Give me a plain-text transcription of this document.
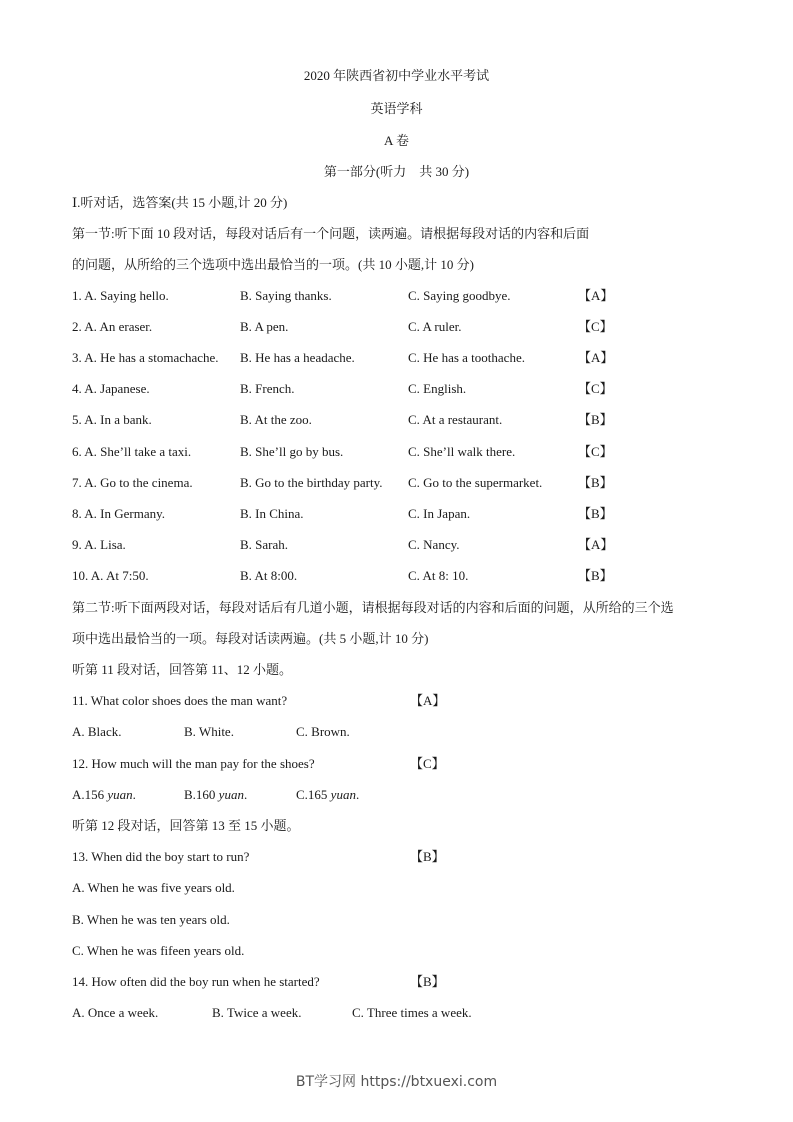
2020 年陕西省初中学业水平考试
英语学科
A 卷
第一部分(听力　共 30 分)
Ⅰ.听对话，选答案(共 15 小题,计 20 分)
第一节:听下面 10 段对话，每段对话后有一个问题，读两遍。请根据每段对话的内容和后面
的问题，从所给的三个选项中选出最恰当的一项。(共 10 小题,计 10 分)
1. A. Saying hello.	B. Saying thanks.	C. Saying goodbye.	【A】
2. A. An eraser.	B. A pen.	C. A ruler.	【C】
3. A. He has a stomachache. B. He has a headache.	C. He has a toothache.	【A】
4. A. Japanese.	B. French.	C. English.	【C】
5. A. In a bank.	B. At the zoo.	C. At a restaurant.	【B】
6. A. She’ll take a taxi.	B. She’ll go by bus.	C. She’ll walk there.	【C】
7. A. Go to the cinema.	B. Go to the birthday party. C. Go to the supermarket.	【B】
8. A. In Germany.	B. In China.	C. In Japan.	【B】
9. A. Lisa.	B. Sarah.	C. Nancy.	【A】
10. A. At 7:50.	B. At 8:00.	C. At 8: 10.	【B】
第二节:听下面两段对话，每段对话后有几道小题，请根据每段对话的内容和后面的问题，从所给的三个选
项中选出最恰当的一项。每段对话读两遍。(共 5 小题,计 10 分)
听第 11 段对话，回答第 11、12 小题。
11. What color shoes does the man want?	【A】
A. Black.	B. White.	C. Brown.
12. How much will the man pay for the shoes?	【C】
A.156 yuan.	B.160 yuan.	C.165 yuan.
听第 12 段对话，回答第 13 至 15 小题。
13. When did the boy start to run?	【B】
A. When he was five years old.
B. When he was ten years old.
C. When he was fifeen years old.
14. How often did the boy run when he started?	【B】
A. Once a week.	B. Twice a week.	C. Three times a week.
BT学习网 https://btxuexi.com
